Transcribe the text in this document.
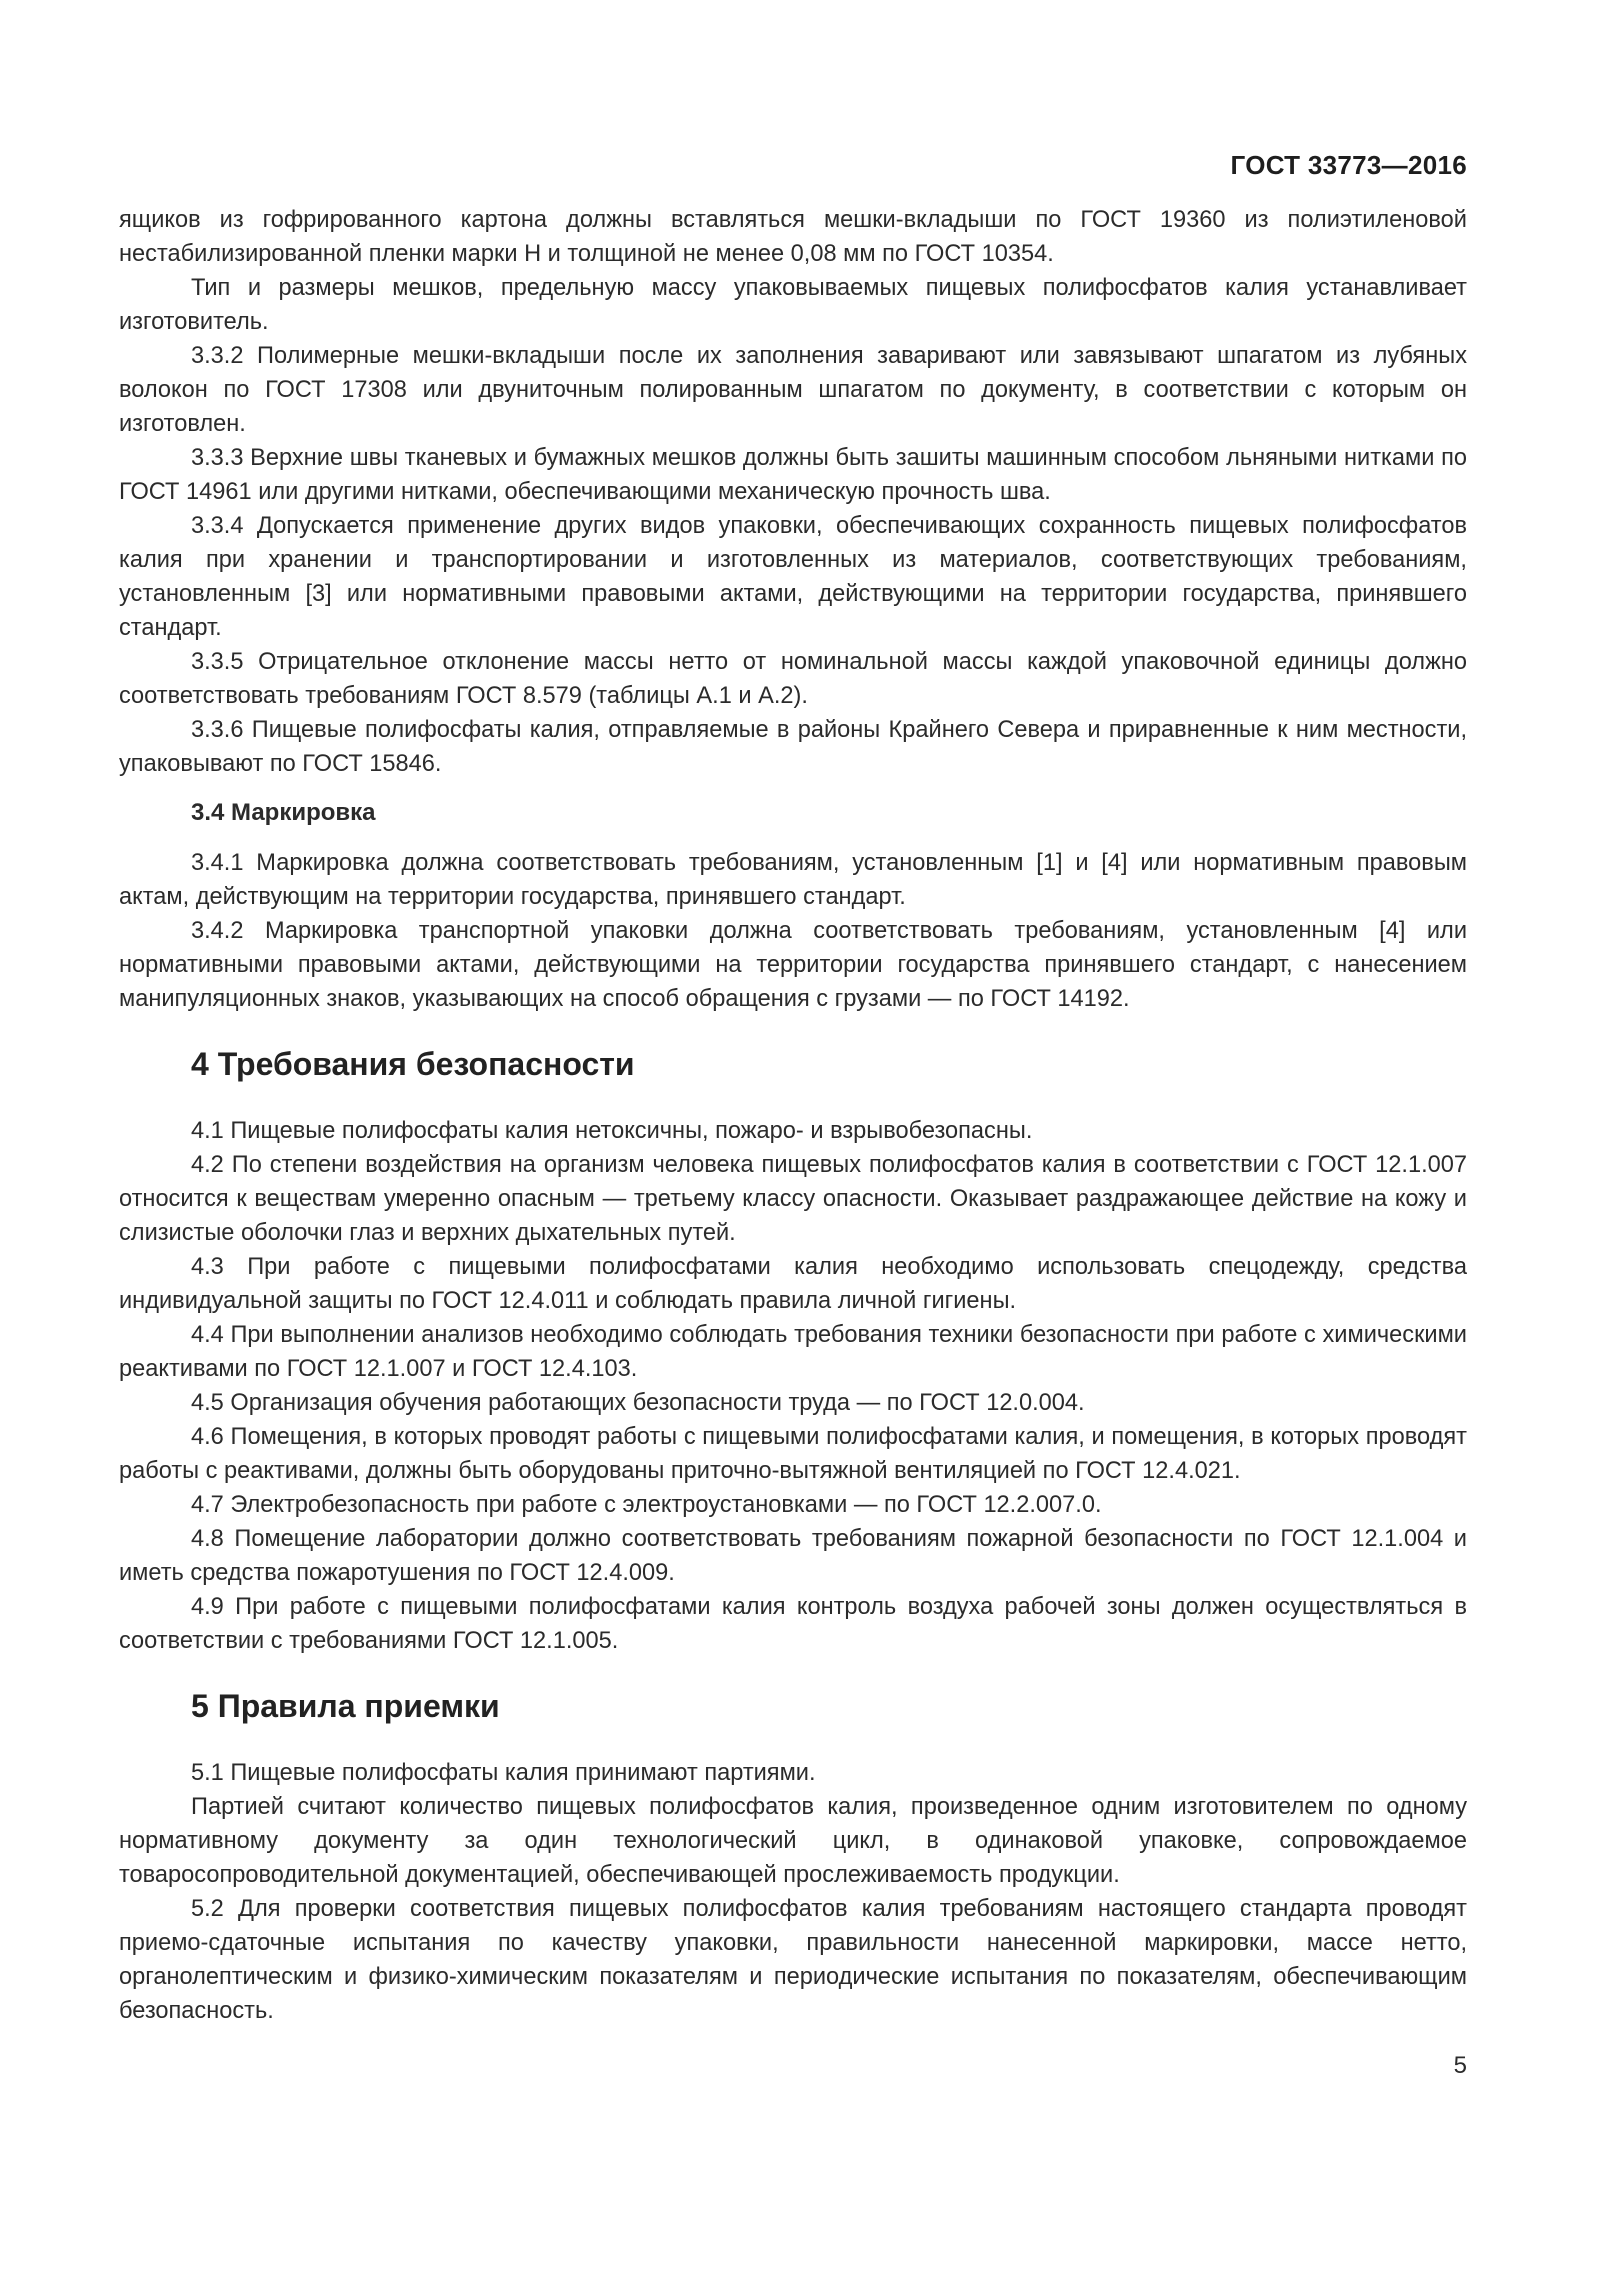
ГОСТ 33773—2016

ящиков из гофрированного картона должны вставляться мешки-вкладыши по ГОСТ 19360 из полиэтиленовой нестабилизированной пленки марки Н и толщиной не менее 0,08 мм по ГОСТ 10354.

Тип и размеры мешков, предельную массу упаковываемых пищевых полифосфатов калия устанавливает изготовитель.

3.3.2 Полимерные мешки-вкладыши после их заполнения заваривают или завязывают шпагатом из лубяных волокон по ГОСТ 17308 или двуниточным полированным шпагатом по документу, в соответствии с которым он изготовлен.

3.3.3 Верхние швы тканевых и бумажных мешков должны быть зашиты машинным способом льняными нитками по ГОСТ 14961 или другими нитками, обеспечивающими механическую прочность шва.

3.3.4 Допускается применение других видов упаковки, обеспечивающих сохранность пищевых полифосфатов калия при хранении и транспортировании и изготовленных из материалов, соответствующих требованиям, установленным [3] или нормативными правовыми актами, действующими на территории государства, принявшего стандарт.

3.3.5 Отрицательное отклонение массы нетто от номинальной массы каждой упаковочной единицы должно соответствовать требованиям ГОСТ 8.579 (таблицы А.1 и А.2).

3.3.6 Пищевые полифосфаты калия, отправляемые в районы Крайнего Севера и приравненные к ним местности, упаковывают по ГОСТ 15846.

3.4 Маркировка

3.4.1 Маркировка должна соответствовать требованиям, установленным [1] и [4] или нормативным правовым актам, действующим на территории государства, принявшего стандарт.

3.4.2 Маркировка транспортной упаковки должна соответствовать требованиям, установленным [4] или нормативными правовыми актами, действующими на территории государства принявшего стандарт, с нанесением манипуляционных знаков, указывающих на способ обращения с грузами — по ГОСТ 14192.

4 Требования безопасности

4.1 Пищевые полифосфаты калия нетоксичны, пожаро- и взрывобезопасны.

4.2 По степени воздействия на организм человека пищевых полифосфатов калия в соответствии с ГОСТ 12.1.007 относится к веществам умеренно опасным — третьему классу опасности. Оказывает раздражающее действие на кожу и слизистые оболочки глаз и верхних дыхательных путей.

4.3 При работе с пищевыми полифосфатами калия необходимо использовать спецодежду, средства индивидуальной защиты по ГОСТ 12.4.011 и соблюдать правила личной гигиены.

4.4 При выполнении анализов необходимо соблюдать требования техники безопасности при работе с химическими реактивами по ГОСТ 12.1.007 и ГОСТ 12.4.103.

4.5 Организация обучения работающих безопасности труда — по ГОСТ 12.0.004.

4.6 Помещения, в которых проводят работы с пищевыми полифосфатами калия, и помещения, в которых проводят работы с реактивами, должны быть оборудованы приточно-вытяжной вентиляцией по ГОСТ 12.4.021.

4.7 Электробезопасность при работе с электроустановками — по ГОСТ 12.2.007.0.

4.8 Помещение лаборатории должно соответствовать требованиям пожарной безопасности по ГОСТ 12.1.004 и иметь средства пожаротушения по ГОСТ 12.4.009.

4.9 При работе с пищевыми полифосфатами калия контроль воздуха рабочей зоны должен осуществляться в соответствии с требованиями ГОСТ 12.1.005.

5 Правила приемки

5.1 Пищевые полифосфаты калия принимают партиями.

Партией считают количество пищевых полифосфатов калия, произведенное одним изготовителем по одному нормативному документу за один технологический цикл, в одинаковой упаковке, сопровождаемое товаросопроводительной документацией, обеспечивающей прослеживаемость продукции.

5.2 Для проверки соответствия пищевых полифосфатов калия требованиям настоящего стандарта проводят приемо-сдаточные испытания по качеству упаковки, правильности нанесенной маркировки, массе нетто, органолептическим и физико-химическим показателям и периодические испытания по показателям, обеспечивающим безопасность.

5
